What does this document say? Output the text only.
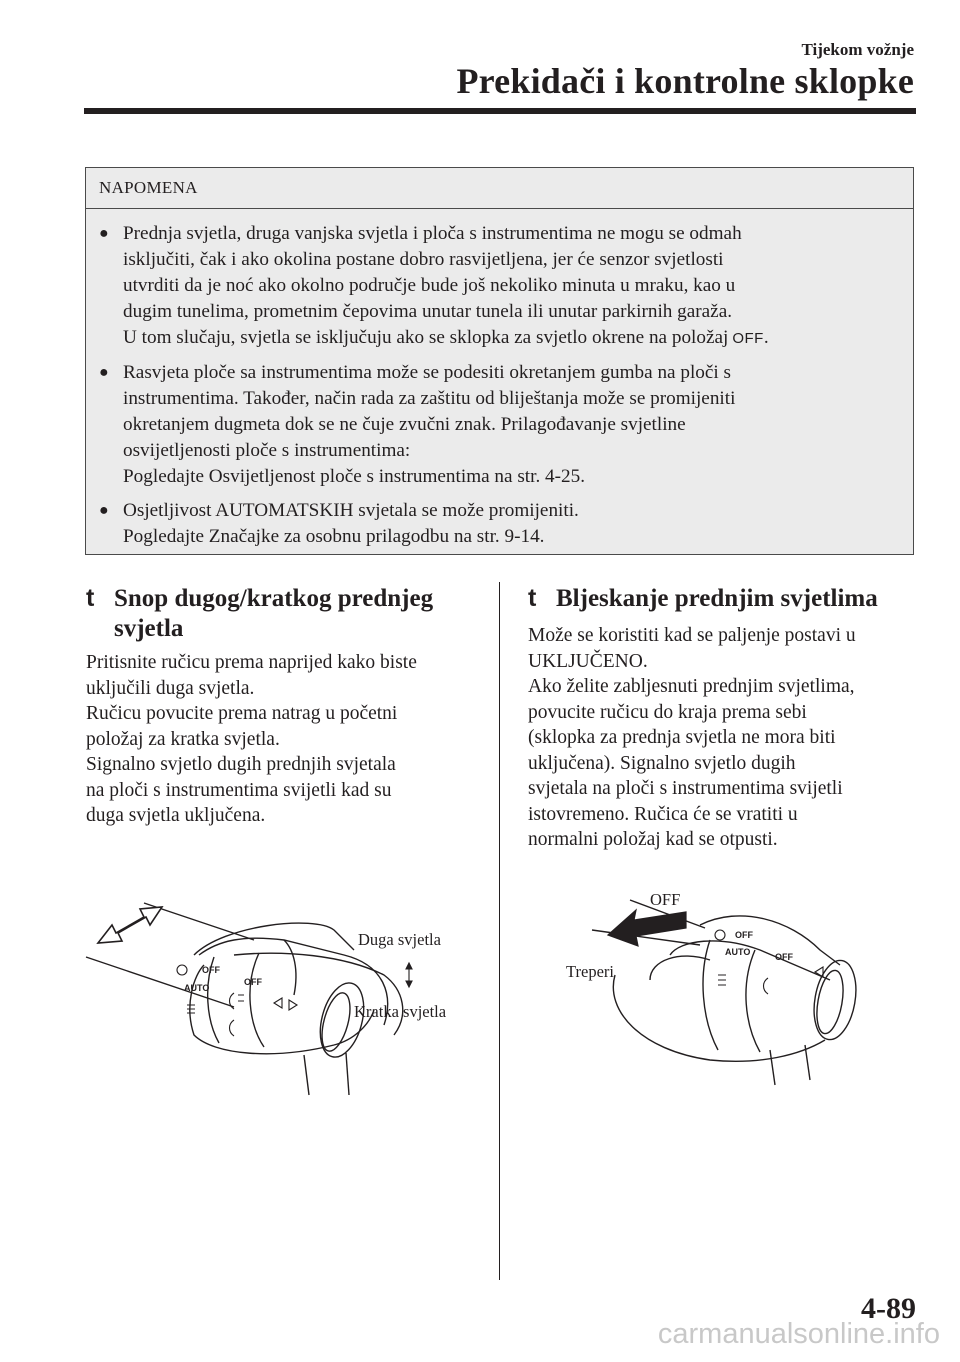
Tijekom vožnje
Prekidači i kontrolne sklopke
NAPOMENA
● Prednja svjetla, druga vanjska svjetla i ploča s instrumentima ne mogu se odmah
isključiti, čak i ako okolina postane dobro rasvijetljena, jer će senzor svjetlosti
utvrditi da je noć ako okolno područje bude još nekoliko minuta u mraku, kao u
dugim tunelima, prometnim čepovima unutar tunela ili unutar parkirnih garaža.
U tom slučaju, svjetla se isključuju ako se sklopka za svjetlo okrene na položaj OFF.
● Rasvjeta ploče sa instrumentima može se podesiti okretanjem gumba na ploči s
instrumentima. Također, način rada za zaštitu od bliještanja može se promijeniti
okretanjem dugmeta dok se ne čuje zvučni znak. Prilagođavanje svjetline
osvijetljenosti ploče s instrumentima:
Pogledajte Osvijetljenost ploče s instrumentima na str. 4-25.
● Osjetljivost AUTOMATSKIH svjetala se može promijeniti.
Pogledajte Značajke za osobnu prilagodbu na str. 9-14.
t Snop dugog/kratkog prednjeg
svjetla
Pritisnite ručicu prema naprijed kako biste
uključili duga svjetla.
Ručicu povucite prema natrag u početni
položaj za kratka svjetla.
Signalno svjetlo dugih prednjih svjetala
na ploči s instrumentima svijetli kad su
duga svjetla uključena.
OFF
AUTO
OFF
Duga svjetla
Kratka svjetla
t Bljeskanje prednjim svjetlima
Može se koristiti kad se paljenje postavi u
UKLJUČENO.
Ako želite zabljesnuti prednjim svjetlima,
povucite ručicu do kraja prema sebi
(sklopka za prednja svjetla ne mora biti
uključena). Signalno svjetlo dugih
svjetala na ploči s instrumentima svijetli
istovremeno. Ručica će se vratiti u
normalni položaj kad se otpusti.
OFF
AUTO	OFF
OFF
Treperi
4-89
carmanualsonline.info
